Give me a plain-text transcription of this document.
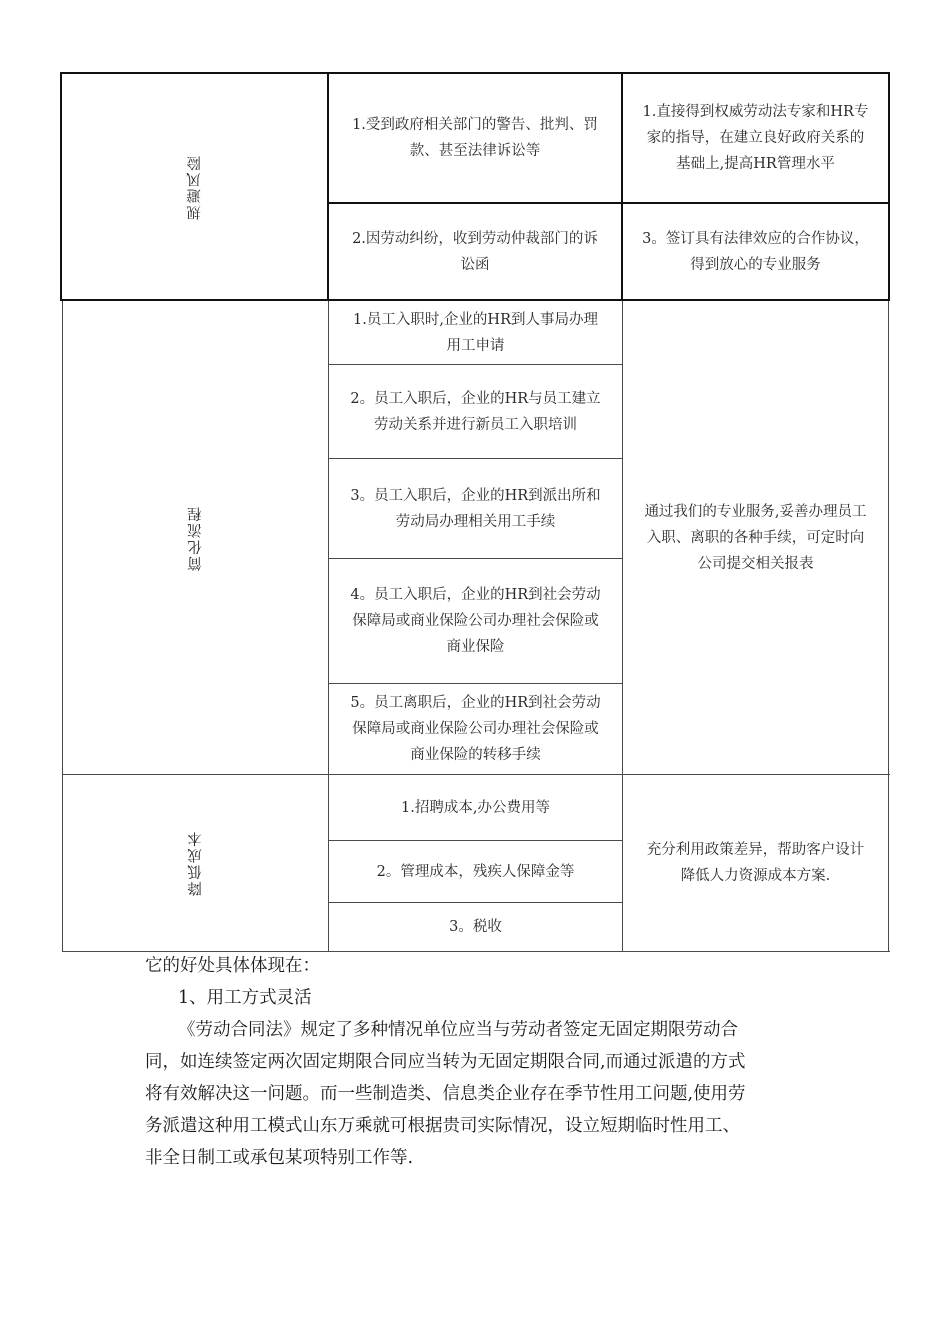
规避风险
1.受到政府相关部门的警告、批判、罚
款、甚至法律诉讼等
2.因劳动纠纷，收到劳动仲裁部门的诉
讼函
1.直接得到权威劳动法专家和HR专
家的指导，在建立良好政府关系的
基础上,提高HR管理水平
3。签订具有法律效应的合作协议，
得到放心的专业服务
简化流程
1.员工入职时,企业的HR到人事局办理
用工申请
2。员工入职后，企业的HR与员工建立
劳动关系并进行新员工入职培训
3。员工入职后，企业的HR到派出所和
劳动局办理相关用工手续
4。员工入职后，企业的HR到社会劳动
保障局或商业保险公司办理社会保险或
商业保险
5。员工离职后，企业的HR到社会劳动
保障局或商业保险公司办理社会保险或
商业保险的转移手续
通过我们的专业服务,妥善办理员工
入职、离职的各种手续，可定时向
公司提交相关报表
降低成本
1.招聘成本,办公费用等
2。管理成本，残疾人保障金等
3。税收
充分利用政策差异，帮助客户设计
降低人力资源成本方案.

它的好处具体体现在：

1、用工方式灵活

《劳动合同法》规定了多种情况单位应当与劳动者签定无固定期限劳动合

同，如连续签定两次固定期限合同应当转为无固定期限合同,而通过派遣的方式

将有效解决这一问题。而一些制造类、信息类企业存在季节性用工问题,使用劳

务派遣这种用工模式山东万乘就可根据贵司实际情况，设立短期临时性用工、

非全日制工或承包某项特别工作等.
